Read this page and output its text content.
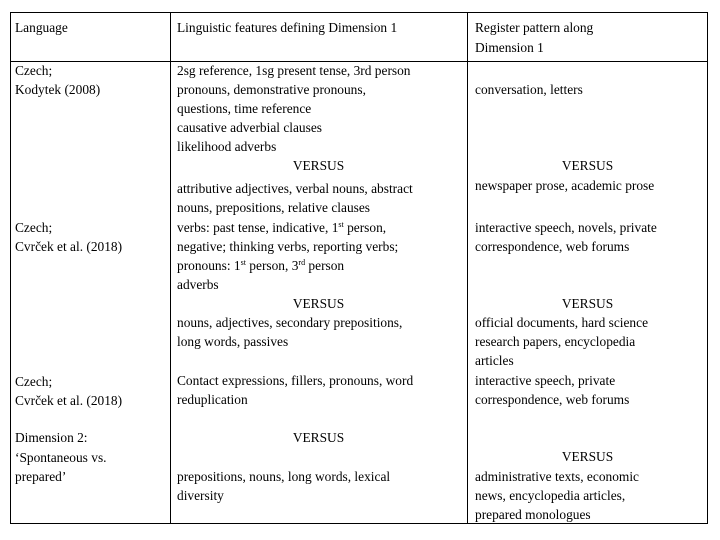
Language	Linguistic features defining Dimension 1	Register pattern along
Dimension 1
Czech;
Kodytek (2008)
2sg reference, 1sg present tense, 3rd person
pronouns, demonstrative pronouns,
questions, time reference
causative adverbial clauses
likelihood adverbs
VERSUS
attributive adjectives, verbal nouns, abstract
nouns, prepositions, relative clauses
conversation, letters
VERSUS
newspaper prose, academic prose
Czech;
Cvrček et al. (2018)
verbs: past tense, indicative, 1st person,
negative; thinking verbs, reporting verbs;
pronouns: 1st person, 3rd person
adverbs
VERSUS
nouns, adjectives, secondary prepositions,
long words, passives
interactive speech, novels, private
correspondence, web forums
VERSUS
official documents, hard science
research papers, encyclopedia
articles
Czech;
Cvrček et al. (2018)
Contact expressions, fillers, pronouns, word
reduplication
interactive speech, private
correspondence, web forums
Dimension 2:
‘Spontaneous vs.
prepared’
VERSUS
prepositions, nouns, long words, lexical
diversity
VERSUS
administrative texts, economic
news, encyclopedia articles,
prepared monologues
